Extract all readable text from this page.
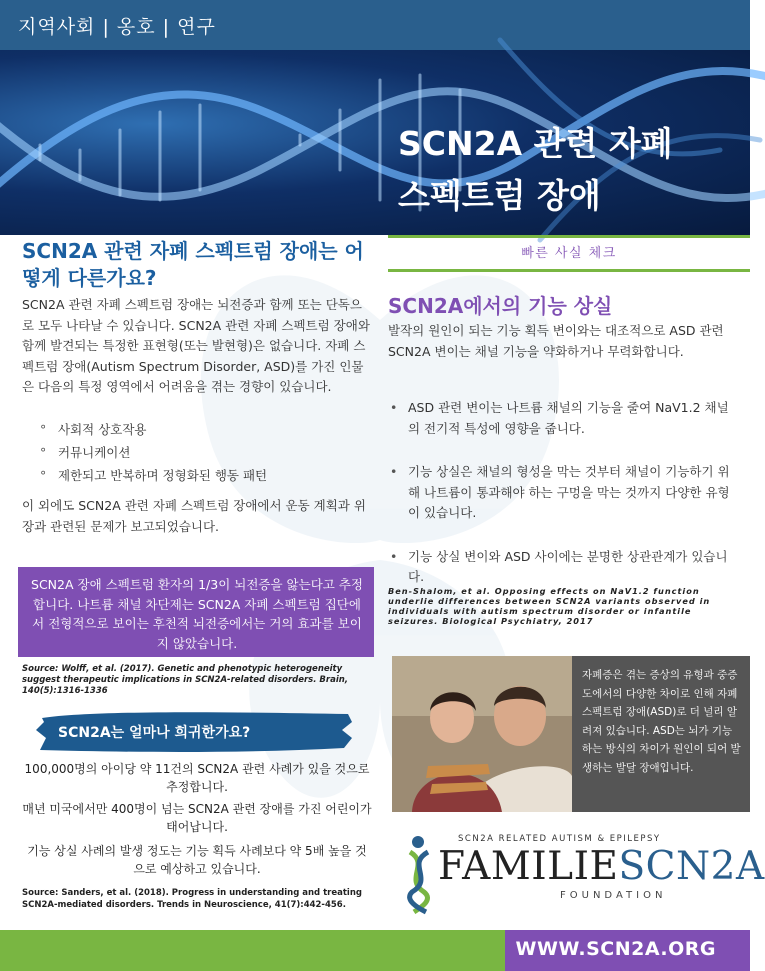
지역사회 | 옹호 | 연구
SCN2A 관련 자폐
스펙트럼 장애
SCN2A 관련 자폐 스펙트럼 장애는 어떻게 다른가요?
SCN2A 관련 자폐 스펙트럼 장애는 뇌전증과 함께 또는 단독으로 모두 나타날 수 있습니다. SCN2A 관련 자폐 스펙트럼 장애와 함께 발견되는 특정한 표현형(또는 발현형)은 없습니다. 자폐 스펙트럼 장애(Autism Spectrum Disorder, ASD)를 가진 인물은 다음의 특정 영역에서 어려움을 겪는 경향이 있습니다.
° 사회적 상호작용
° 커뮤니케이션
° 제한되고 반복하며 정형화된 행동 패턴
이 외에도 SCN2A 관련 자폐 스펙트럼 장애에서 운동 계획과 위장과 관련된 문제가 보고되었습니다.
SCN2A 장애 스펙트럼 환자의 1/3이 뇌전증을 앓는다고 추정합니다. 나트륨 채널 차단제는 SCN2A 자폐 스펙트럼 집단에서 전형적으로 보이는 후천적 뇌전증에서는 거의 효과를 보이지 않았습니다.
Source: Wolff, et al. (2017). Genetic and phenotypic heterogeneity suggest therapeutic implications in SCN2A-related disorders. Brain, 140(5):1316-1336
SCN2A는 얼마나 희귀한가요?
100,000명의 아이당 약 11건의 SCN2A 관련 사례가 있을 것으로 추정합니다.
매년 미국에서만 400명이 넘는 SCN2A 관련 장애를 가진 어린이가 태어납니다.
기능 상실 사례의 발생 정도는 기능 획득 사례보다 약 5배 높을 것으로 예상하고 있습니다.
Source: Sanders, et al. (2018). Progress in understanding and treating SCN2A-mediated disorders. Trends in Neuroscience, 41(7):442-456.
빠른 사실 체크
SCN2A에서의 기능 상실
발작의 원인이 되는 기능 획득 변이와는 대조적으로 ASD 관련 SCN2A 변이는 채널 기능을 약화하거나 무력화합니다.
• ASD 관련 변이는 나트륨 채널의 기능을 줄여 NaV1.2 채널의 전기적 특성에 영향을 줍니다.
• 기능 상실은 채널의 형성을 막는 것부터 채널이 기능하기 위해 나트륨이 통과해야 하는 구멍을 막는 것까지 다양한 유형이 있습니다.
• 기능 상실 변이와 ASD 사이에는 분명한 상관관계가 있습니다.
Ben-Shalom, et al. Opposing effects on NaV1.2 function underlie differences between SCN2A variants observed in individuals with autism spectrum disorder or infantile seizures. Biological Psychiatry, 2017
자폐증은 겪는 증상의 유형과 중증도에서의 다양한 차이로 인해 자폐 스펙트럼 장애(ASD)로 더 널리 알려져 있습니다. ASD는 뇌가 기능하는 방식의 차이가 원인이 되어 발생하는 발달 장애입니다.
SCN2A RELATED AUTISM & EPILEPSY
FAMILIESCN2A
FOUNDATION
WWW.SCN2A.ORG
